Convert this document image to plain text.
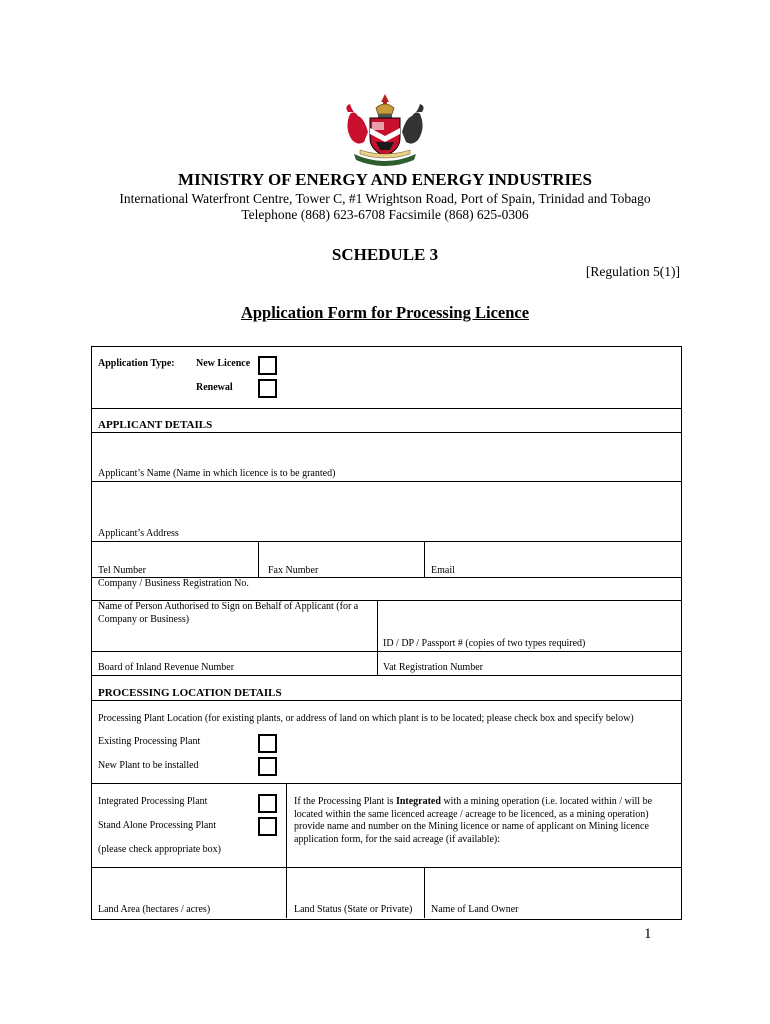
MINISTRY OF ENERGY AND ENERGY INDUSTRIES
International Waterfront Centre, Tower C, #1 Wrightson Road, Port of Spain, Trinidad and Tobago
Telephone (868) 623-6708 Facsimile (868) 625-0306
SCHEDULE 3
[Regulation 5(1)]
Application Form for Processing Licence
Application Type: New Licence
Renewal
APPLICANT DETAILS
Applicant’s Name (Name in which licence is to be granted)
Applicant’s Address
Tel Number	Fax Number	Email
Company / Business Registration No.
Name of Person Authorised to Sign on Behalf of Applicant (for a Company or Business)
ID / DP / Passport # (copies of two types required)
Board of Inland Revenue Number	Vat Registration Number
PROCESSING LOCATION DETAILS
Processing Plant Location (for existing plants, or address of land on which plant is to be located; please check box and specify below)
Existing Processing Plant
New Plant to be installed
Integrated Processing Plant
Stand Alone Processing Plant
(please check appropriate box)
If the Processing Plant is Integrated with a mining operation (i.e. located within / will be located within the same licenced acreage / acreage to be licenced, as a mining operation) provide name and number on the Mining licence or name of applicant on Mining licence application form, for the said acreage (if available):
Land Area (hectares / acres)	Land Status (State or Private) Name of Land Owner
1
